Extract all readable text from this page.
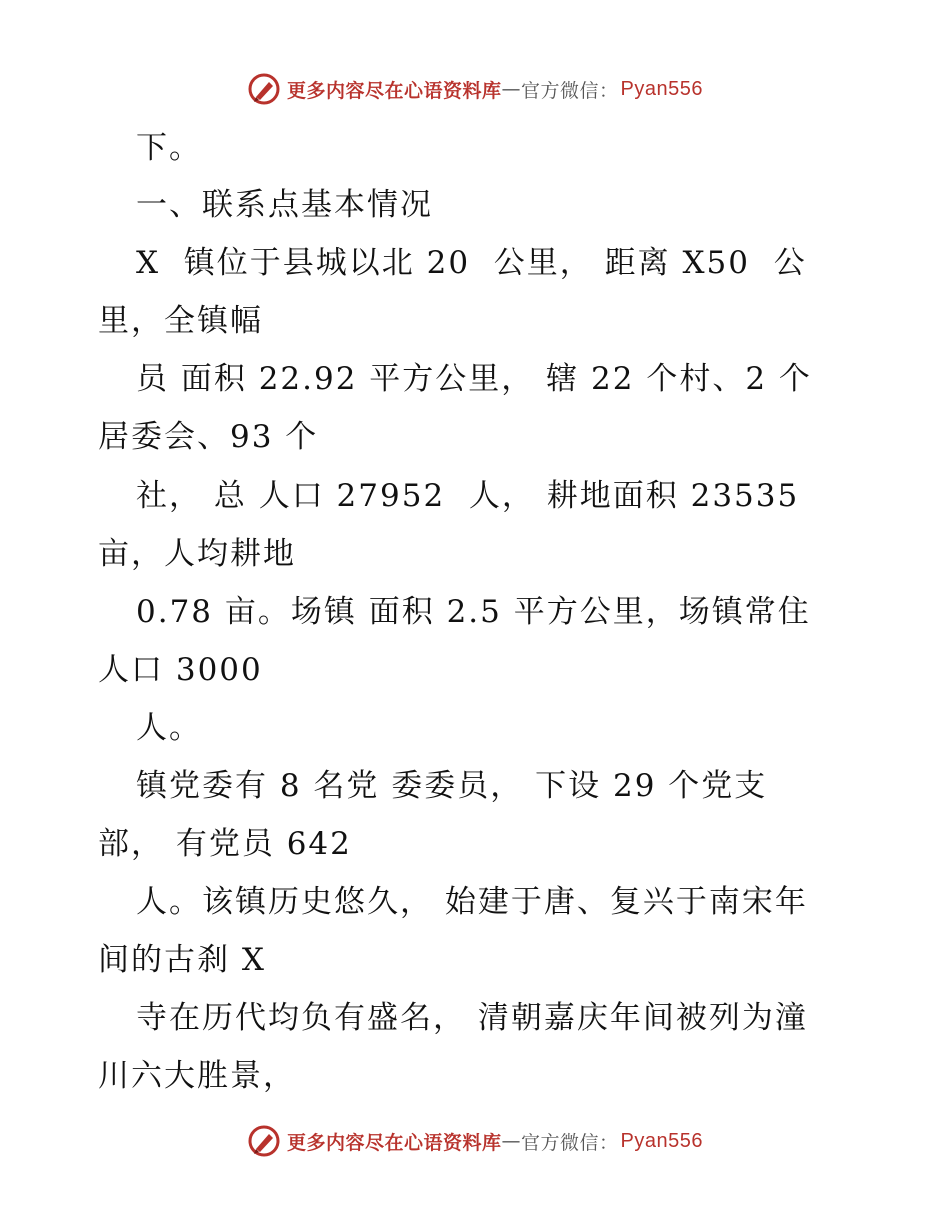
更多内容尽在心语资料库 — 官方微信： Pyan556
下。
一、联系点基本情况
X  镇位于县城以北 20  公里， 距离 X50  公
里，全镇幅
员 面积 22.92 平方公里， 辖 22 个村、2 个
居委会、93 个
社， 总 人口 27952  人， 耕地面积 23535
亩，人均耕地
0.78 亩。场镇 面积 2.5 平方公里，场镇常住
人口 3000
人。
镇党委有 8 名党 委委员， 下设 29 个党支
部， 有党员 642
人。该镇历史悠久， 始建于唐、复兴于南宋年
间的古刹 X
寺在历代均负有盛名， 清朝嘉庆年间被列为潼
川六大胜景，
更多内容尽在心语资料库 — 官方微信： Pyan556
